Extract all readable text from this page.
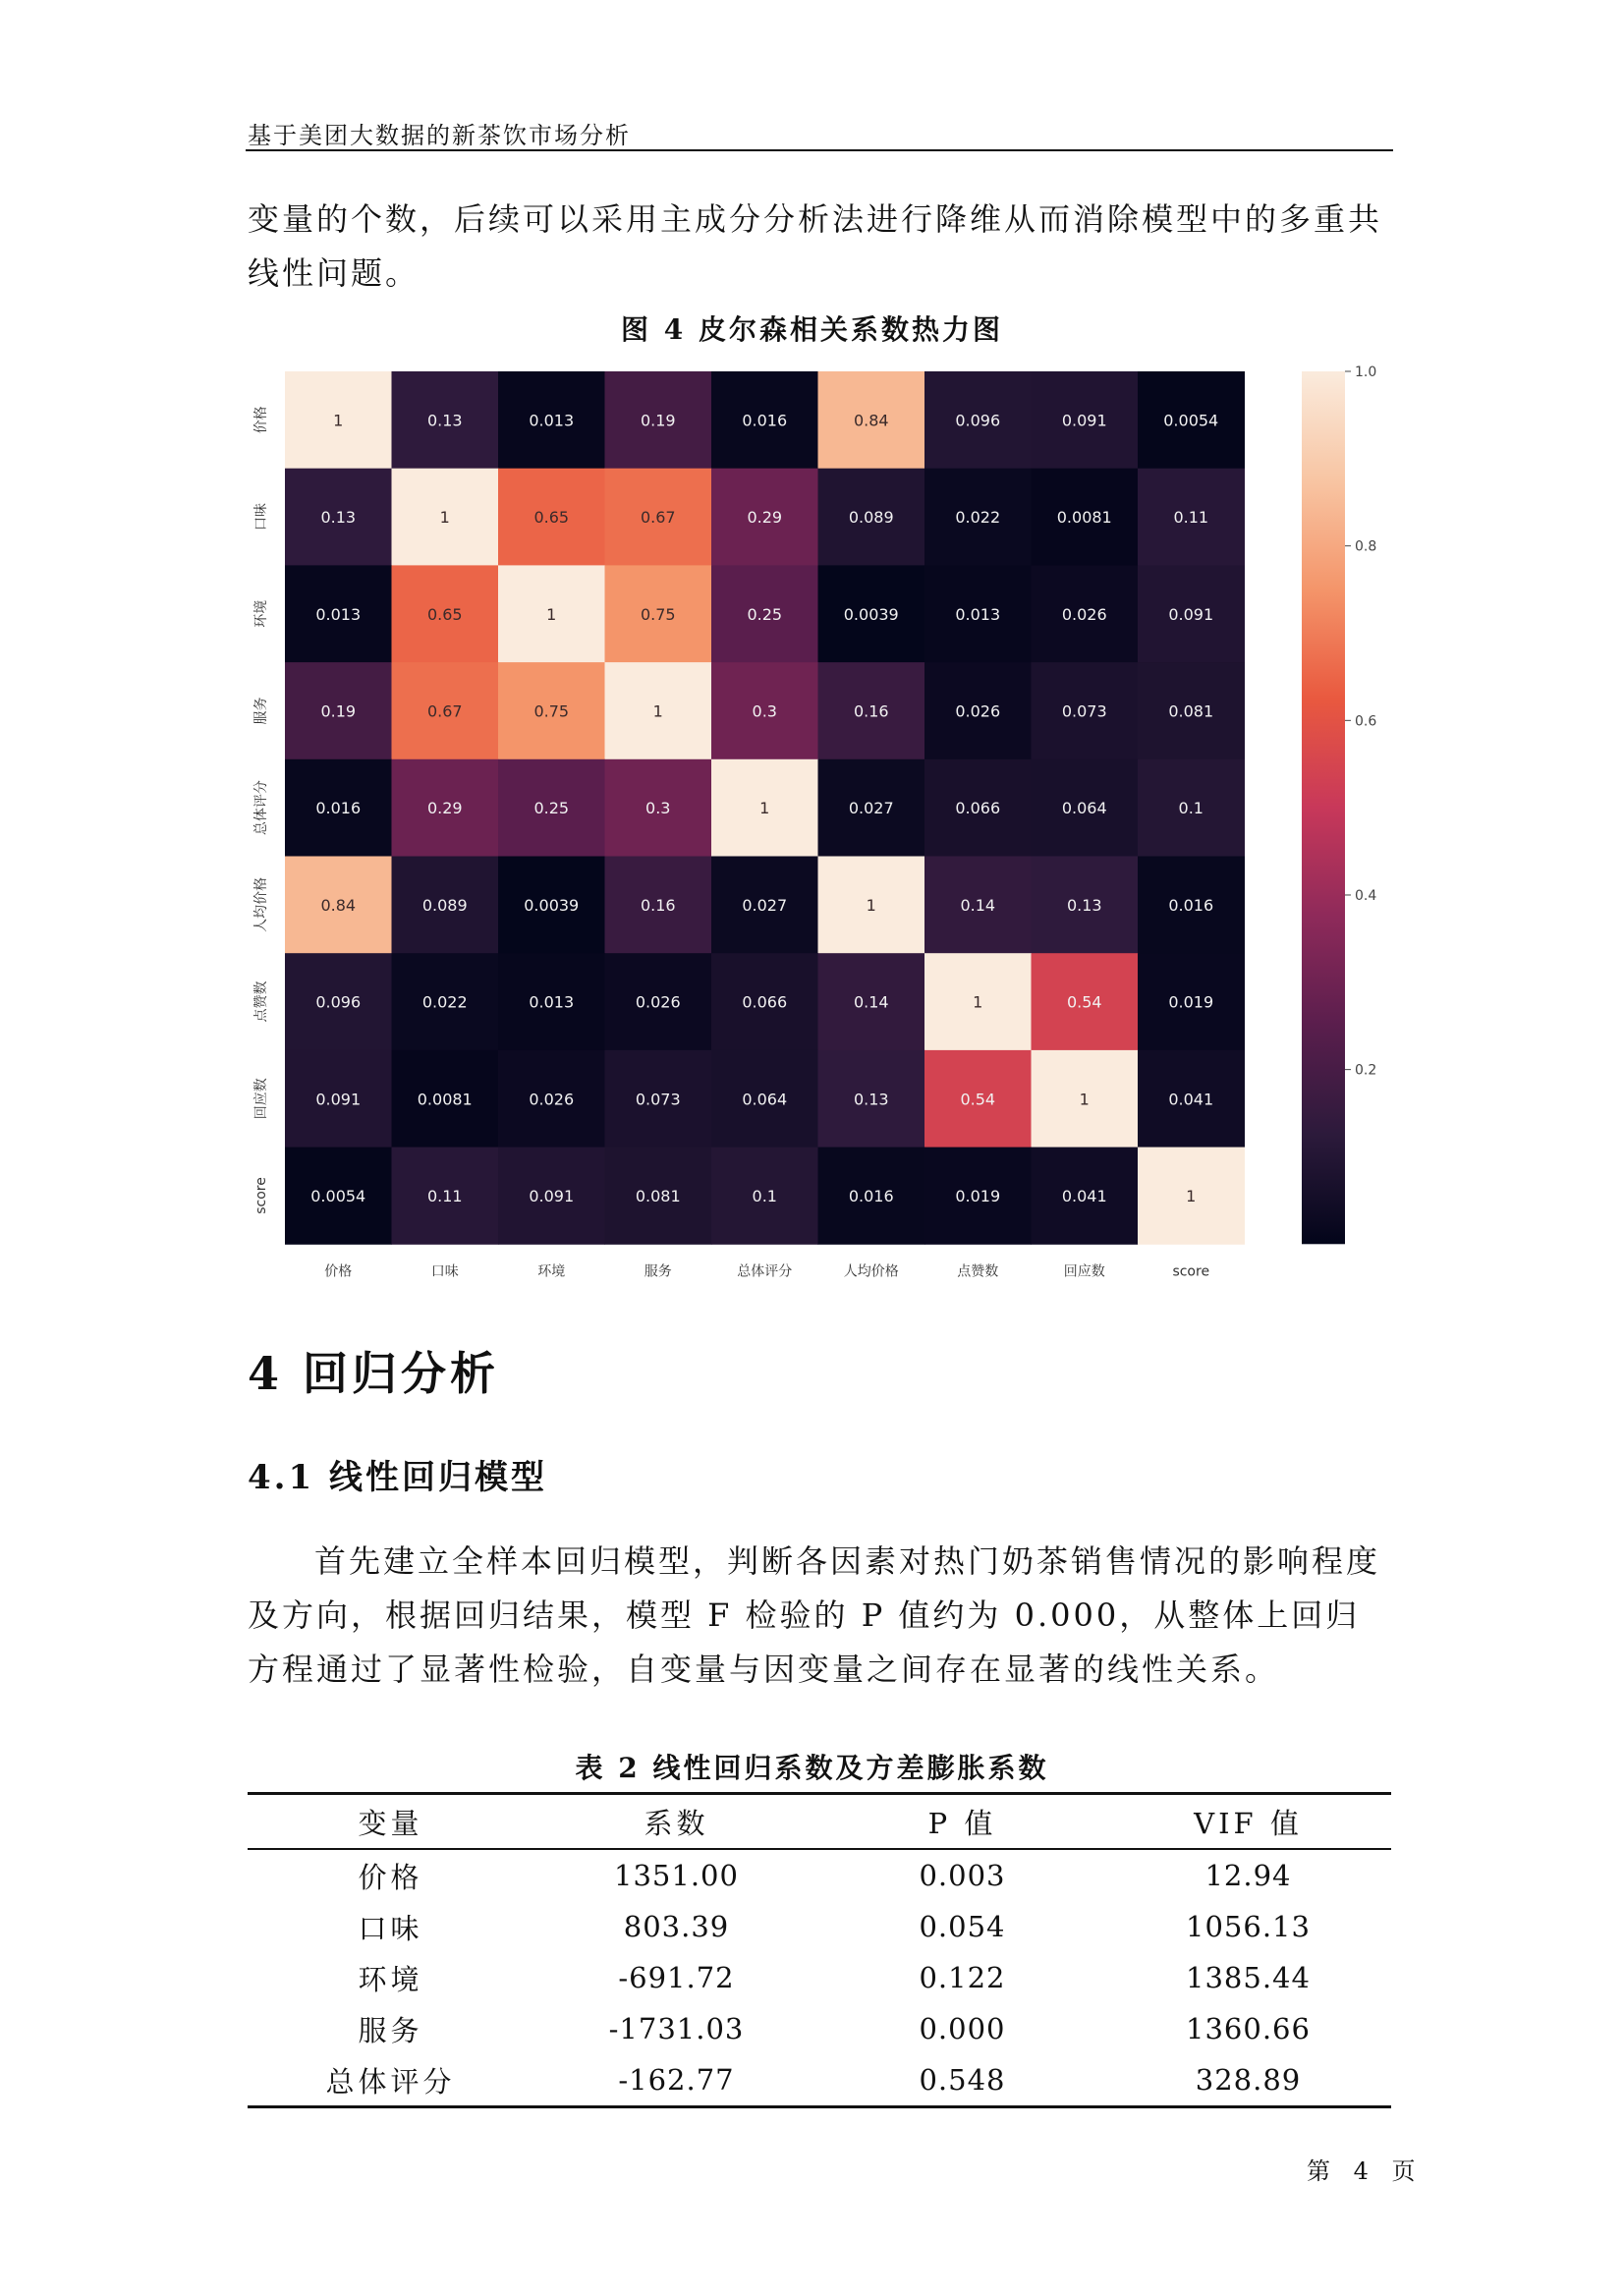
基于美团大数据的新茶饮市场分析
变量的个数，后续可以采用主成分分析法进行降维从而消除模型中的多重共线性问题。
图 4 皮尔森相关系数热力图
1	0.13	0.013	0.19	0.016	0.84	0.096	0.091	0.0054
0.13	1	0.65	0.67	0.29	0.089	0.022	0.0081	0.11
0.013	0.65	1	0.75	0.25	0.0039	0.013	0.026	0.091
0.19	0.67	0.75	1	0.3	0.16	0.026	0.073	0.081
0.016	0.29	0.25	0.3	1	0.027	0.066	0.064	0.1
0.84	0.089	0.0039	0.16	0.027	1	0.14	0.13	0.016
0.096	0.022	0.013	0.026	0.066	0.14	1	0.54	0.019
0.091	0.0081	0.026	0.073	0.064	0.13	0.54	1	0.041
0.0054	0.11	0.091	0.081	0.1	0.016	0.019	0.041	1
价格
口味
环境
服务
总体评分
人均价格
点赞数
回应数
score
价格	口味	环境	服务	总体评分	人均价格	点赞数	回应数	score
0.2
0.4
0.6
0.8
1.0
4 回归分析
4.1 线性回归模型
首先建立全样本回归模型，判断各因素对热门奶茶销售情况的影响程度及方向，根据回归结果，模型 F 检验的 P 值约为 0.000，从整体上回归方程通过了显著性检验，自变量与因变量之间存在显著的线性关系。
表 2 线性回归系数及方差膨胀系数
变量	系数	P 值	VIF 值
价格	1351.00	0.003	12.94
口味	803.39	0.054	1056.13
环境	-691.72	0.122	1385.44
服务	-1731.03	0.000	1360.66
总体评分	-162.77	0.548	328.89
第 4 页
